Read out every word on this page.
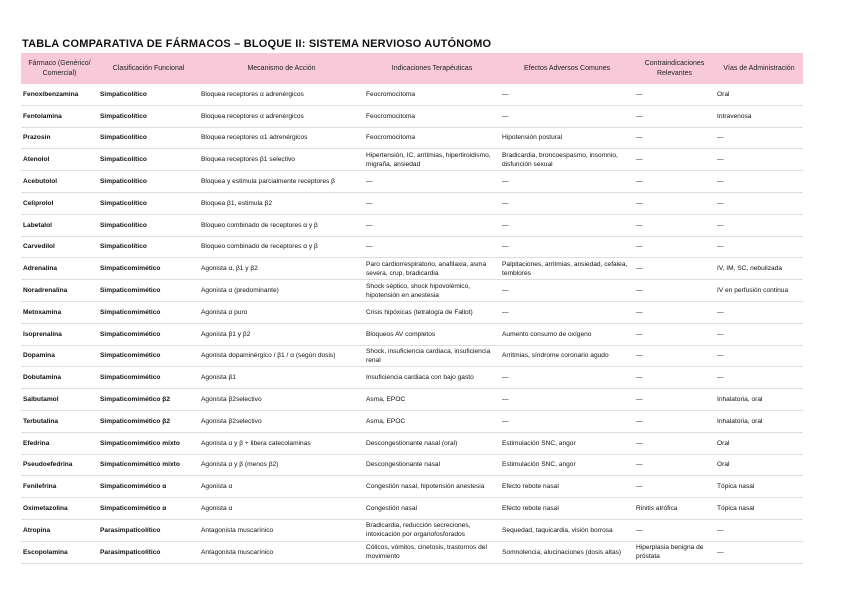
TABLA COMPARATIVA DE FÁRMACOS – BLOQUE II: SISTEMA NERVIOSO AUTÓNOMO
Fármaco (Genérico/ Comercial)	Clasificación Funcional	Mecanismo de Acción	Indicaciones Terapéuticas	Efectos Adversos Comunes	Contraindicaciones Relevantes	Vías de Administración
Fenoxibenzamina	Simpaticolítico	Bloquea receptores α adrenérgicos	Feocromocitoma	—	—	Oral
Fentolamina	Simpaticolítico	Bloquea receptores α adrenérgicos	Feocromocitoma	—	—	Intravenosa
Prazosin	Simpaticolítico	Bloquea receptores α1 adrenérgicos	Feocromocitoma	Hipotensión postural	—	—
Atenolol	Simpaticolítico	Bloquea receptores β1 selectivo	Hipertensión, IC, arritmias, hipertiroidismo, migraña, ansiedad	Bradicardia, broncoespasmo, insomnio, disfunción sexual	—	—
Acebutolol	Simpaticolítico	Bloquea y estimula parcialmente receptores β	—	—	—	—
Celiprolol	Simpaticolítico	Bloquea β1, estimula β2	—	—	—	—
Labetalol	Simpaticolítico	Bloqueo combinado de receptores α y β	—	—	—	—
Carvedilol	Simpaticolítico	Bloqueo combinado de receptores α y β	—	—	—	—
Adrenalina	Simpaticomimético	Agonista α, β1 y β2	Paro cardiorrespiratorio, anafilaxia, asma severa, crup, bradicardia	Palpitaciones, arritmias, ansiedad, cefalea, temblores	—	IV, IM, SC, nebulizada
Noradrenalina	Simpaticomimético	Agonista α (predominante)	Shock séptico, shock hipovolémico, hipotensión en anestesia	—	—	IV en perfusión continua
Metoxamina	Simpaticomimético	Agonista α puro	Crisis hipóxicas (tetralogía de Fallot)	—	—	—
Isoprenalina	Simpaticomimético	Agonista β1 y β2	Bloqueos AV completos	Aumento consumo de oxígeno	—	—
Dopamina	Simpaticomimético	Agonista dopaminérgico / β1 / α (según dosis)	Shock, insuficiencia cardiaca, insuficiencia renal	Arritmias, síndrome coronario agudo	—	—
Dobutamina	Simpaticomimético	Agonista β1	Insuficiencia cardiaca con bajo gasto	—	—	—
Salbutamol	Simpaticomimético β2	Agonista β2selectivo	Asma, EPOC	—	—	Inhalatoria, oral
Terbutalina	Simpaticomimético β2	Agonista β2selectivo	Asma, EPOC	—	—	Inhalatoria, oral
Efedrina	Simpaticomimético mixto	Agonista α y β + libera catecolaminas	Descongestionante nasal (oral)	Estimulación SNC, angor	—	Oral
Pseudoefedrina	Simpaticomimético mixto	Agonista α y β (menos β2)	Descongestionante nasal	Estimulación SNC, angor	—	Oral
Fenilefrina	Simpaticomimético α	Agonista α	Congestión nasal, hipotensión anestesia	Efecto rebote nasal	—	Tópica nasal
Oximetazolina	Simpaticomimético α	Agonista α	Congestión nasal	Efecto rebote nasal	Rinitis atrófica	Tópica nasal
Atropina	Parasimpaticolítico	Antagonista muscarínico	Bradicardia, reducción secreciones, intoxicación por organofosforados	Sequedad, taquicardia, visión borrosa	—	—
Escopolamina	Parasimpaticolítico	Antagonista muscarínico	Cólicos, vómitos, cinetosis, trastornos del movimiento	Somnolencia, alucinaciones (dosis altas)	Hiperplasia benigna de próstata	—
